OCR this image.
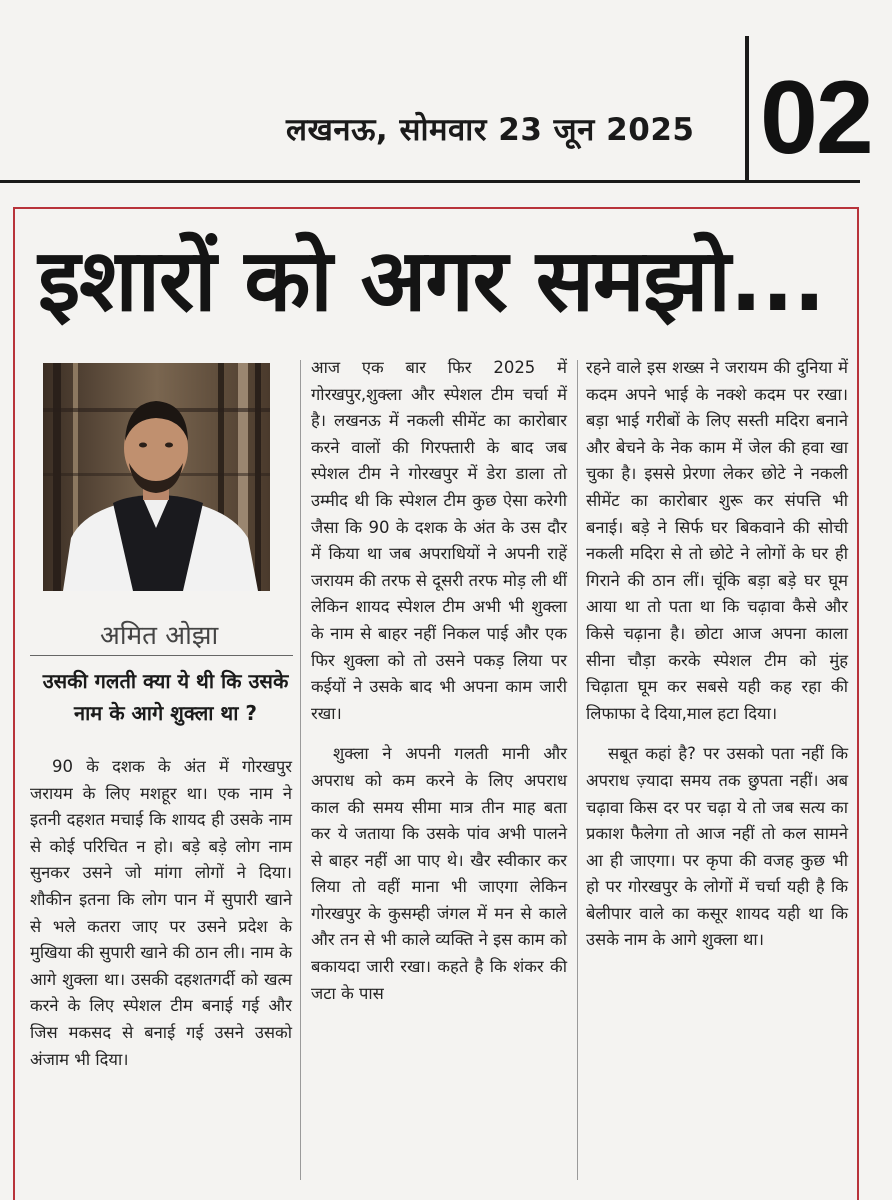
लखनऊ, सोमवार 23 जून 2025 02
इशारों को अगर समझो...
अमित ओझा
उसकी गलती क्या ये थी कि उसके नाम के आगे शुक्ला था ?

90 के दशक के अंत में गोरखपुर जरायम के लिए मशहूर था। एक नाम ने इतनी दहशत मचाई कि शायद ही उसके नाम से कोई परिचित न हो। बड़े बड़े लोग नाम सुनकर उसने जो मांगा लोगों ने दिया। शौकीन इतना कि लोग पान में सुपारी खाने से भले कतरा जाए पर उसने प्रदेश के मुखिया की सुपारी खाने की ठान ली। नाम के आगे शुक्ला था। उसकी दहशतगर्दी को खत्म करने के लिए स्पेशल टीम बनाई गई और जिस मकसद से बनाई गई उसने उसको अंजाम भी दिया।

आज एक बार फिर 2025 में गोरखपुर,शुक्ला और स्पेशल टीम चर्चा में है। लखनऊ में नकली सीमेंट का कारोबार करने वालों की गिरफ्तारी के बाद जब स्पेशल टीम ने गोरखपुर में डेरा डाला तो उम्मीद थी कि स्पेशल टीम कुछ ऐसा करेगी जैसा कि 90 के दशक के अंत के उस दौर में किया था जब अपराधियों ने अपनी राहें जरायम की तरफ से दूसरी तरफ मोड़ ली थीं लेकिन शायद स्पेशल टीम अभी भी शुक्ला के नाम से बाहर नहीं निकल पाई और एक फिर शुक्ला को तो उसने पकड़ लिया पर कईयों ने उसके बाद भी अपना काम जारी रखा।

शुक्ला ने अपनी गलती मानी और अपराध को कम करने के लिए अपराध काल की समय सीमा मात्र तीन माह बता कर ये जताया कि उसके पांव अभी पालने से बाहर नहीं आ पाए थे। खैर स्वीकार कर लिया तो वहीं माना भी जाएगा लेकिन गोरखपुर के कुसम्ही जंगल में मन से काले और तन से भी काले व्यक्ति ने इस काम को बकायदा जारी रखा। कहते है कि शंकर की जटा के पास

रहने वाले इस शख्स ने जरायम की दुनिया में कदम अपने भाई के नक्शे कदम पर रखा। बड़ा भाई गरीबों के लिए सस्ती मदिरा बनाने और बेचने के नेक काम में जेल की हवा खा चुका है। इससे प्रेरणा लेकर छोटे ने नकली सीमेंट का कारोबार शुरू कर संपत्ति भी बनाई। बड़े ने सिर्फ घर बिकवाने की सोची नकली मदिरा से तो छोटे ने लोगों के घर ही गिराने की ठान लीं। चूंकि बड़ा बड़े घर घूम आया था तो पता था कि चढ़ावा कैसे और किसे चढ़ाना है। छोटा आज अपना काला सीना चौड़ा करके स्पेशल टीम को मुंह चिढ़ाता घूम कर सबसे यही कह रहा की लिफाफा दे दिया,माल हटा दिया।

सबूत कहां है? पर उसको पता नहीं कि अपराध ज़्यादा समय तक छुपता नहीं। अब चढ़ावा किस दर पर चढ़ा ये तो जब सत्य का प्रकाश फैलेगा तो आज नहीं तो कल सामने आ ही जाएगा। पर कृपा की वजह कुछ भी हो पर गोरखपुर के लोगों में चर्चा यही है कि बेलीपार वाले का कसूर शायद यही था कि उसके नाम के आगे शुक्ला था।
